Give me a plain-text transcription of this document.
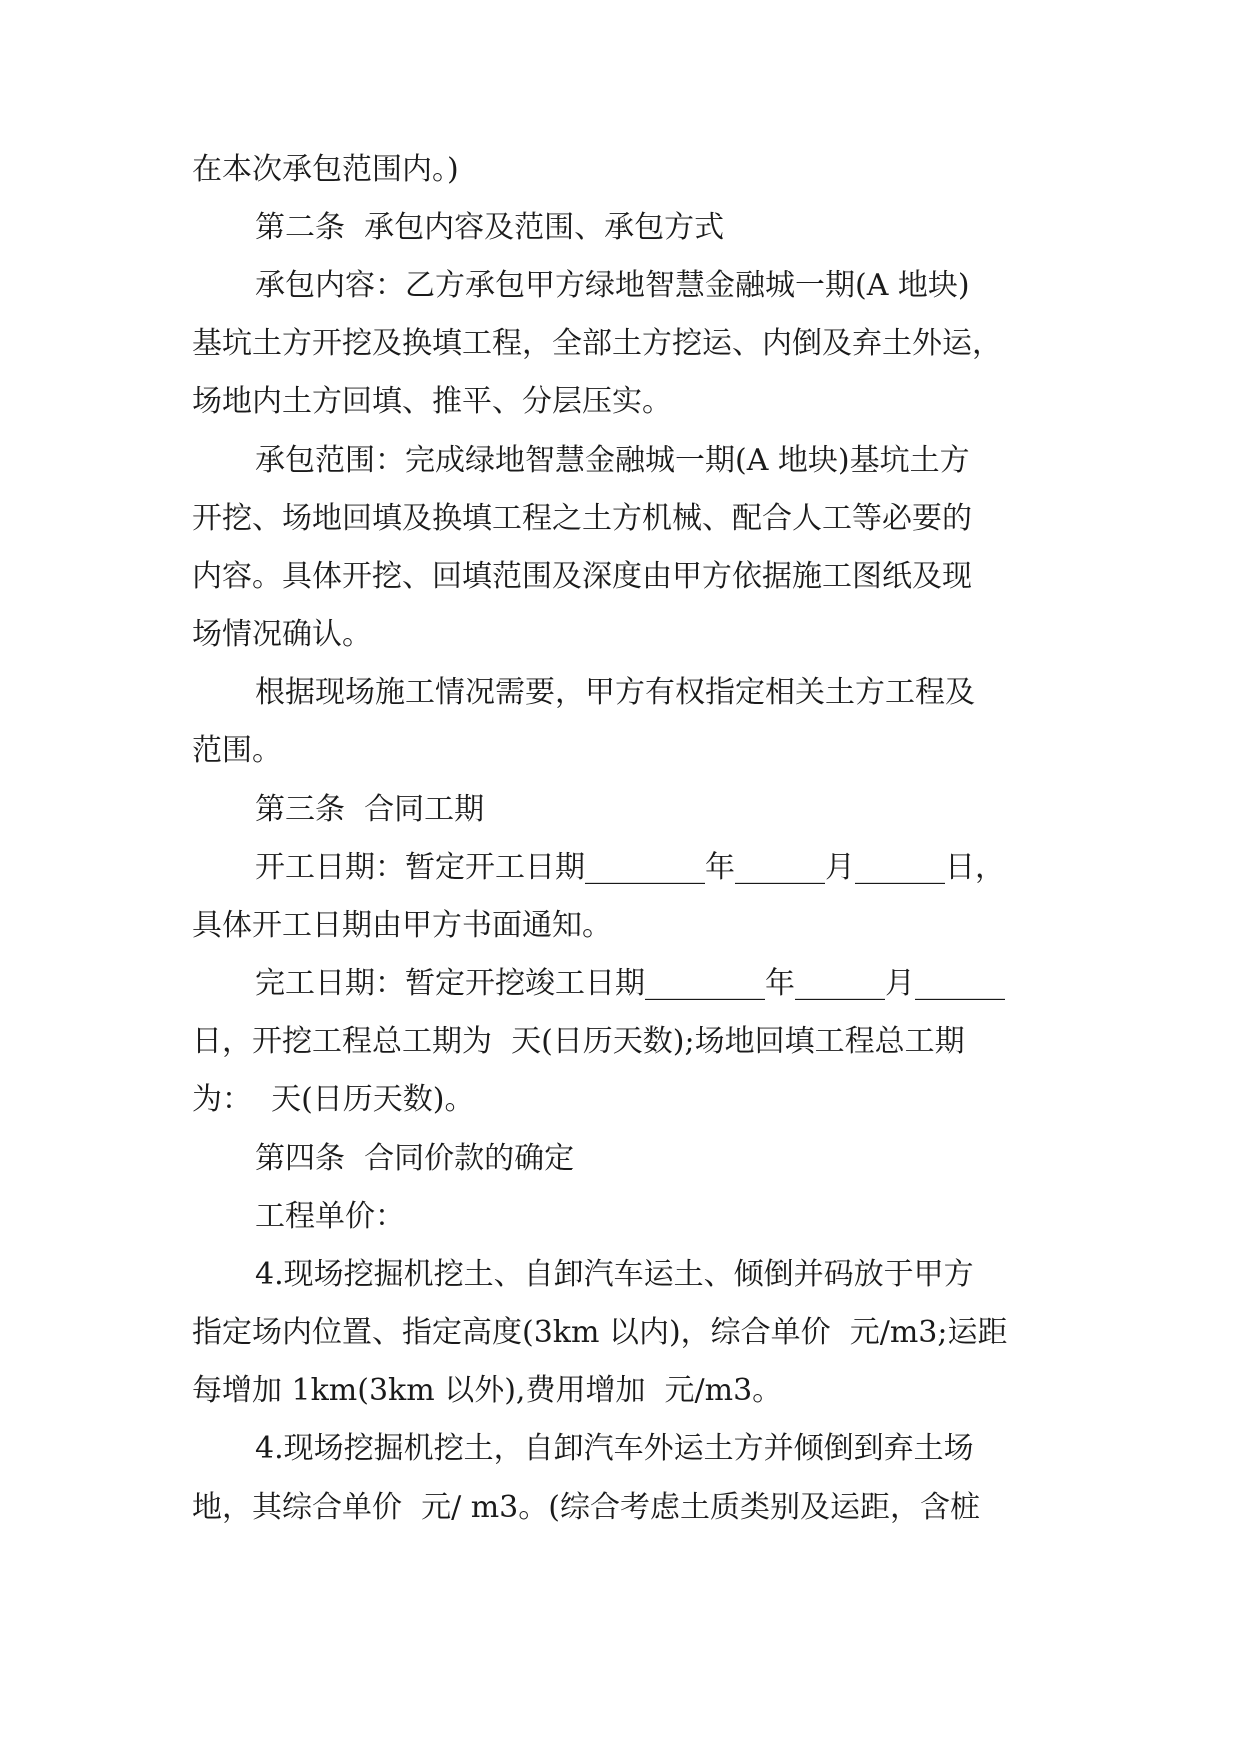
在本次承包范围内。)

第二条  承包内容及范围、承包方式

承包内容：乙方承包甲方绿地智慧金融城一期(A 地块)

基坑土方开挖及换填工程，全部土方挖运、内倒及弃土外运，

场地内土方回填、推平、分层压实。

承包范围：完成绿地智慧金融城一期(A 地块)基坑土方

开挖、场地回填及换填工程之土方机械、配合人工等必要的

内容。具体开挖、回填范围及深度由甲方依据施工图纸及现

场情况确认。

根据现场施工情况需要，甲方有权指定相关土方工程及

范围。

第三条  合同工期

开工日期：暂定开工日期________年______月______日，

具体开工日期由甲方书面通知。

完工日期：暂定开挖竣工日期________年______月______

日，开挖工程总工期为  天(日历天数);场地回填工程总工期

为：  天(日历天数)。

第四条  合同价款的确定

工程单价：

4.现场挖掘机挖土、自卸汽车运土、倾倒并码放于甲方

指定场内位置、指定高度(3km 以内)，综合单价  元/m3;运距

每增加 1km(3km 以外),费用增加  元/m3。

4.现场挖掘机挖土，自卸汽车外运土方并倾倒到弃土场

地，其综合单价  元/ m3。(综合考虑土质类别及运距，含桩
